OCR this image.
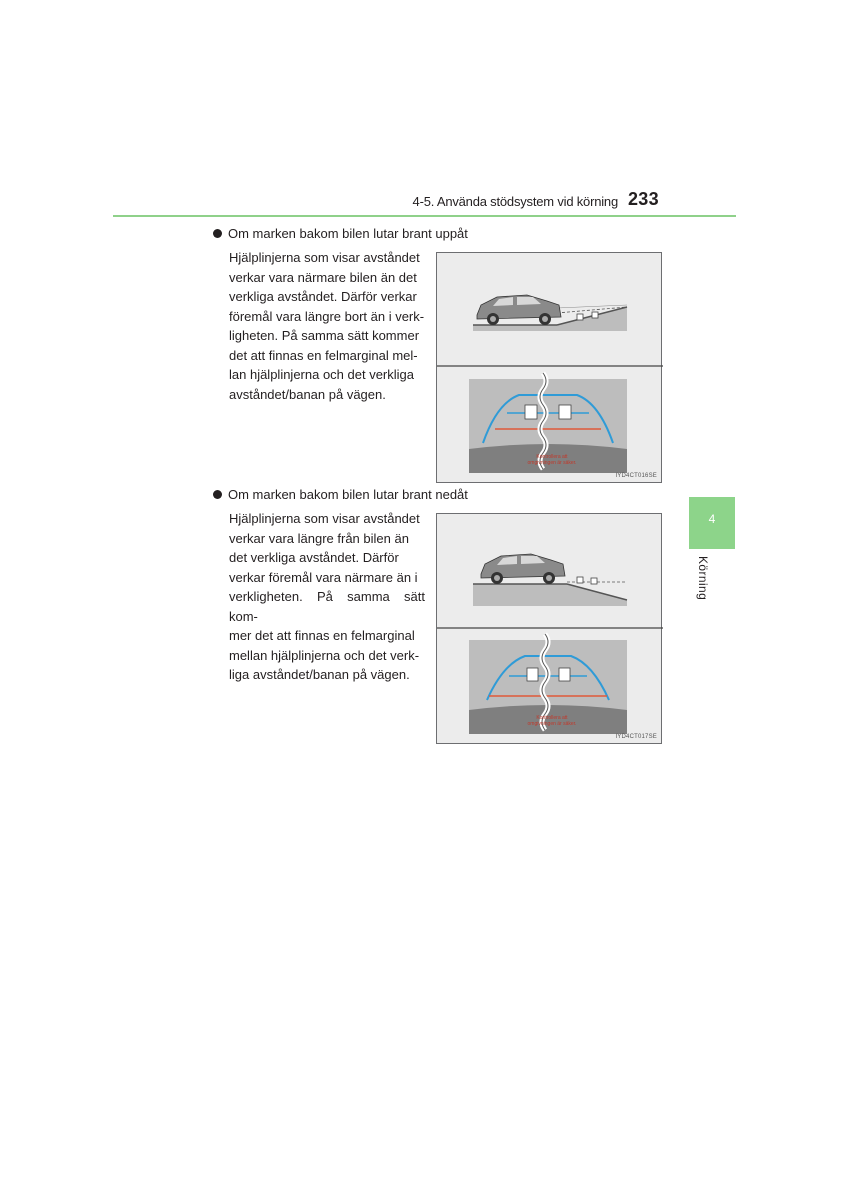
4-5. Använda stödsystem vid körning 233
4
Körning
Om marken bakom bilen lutar brant uppåt

Hjälplinjerna som visar avståndet

verkar vara närmare bilen än det

verkliga avståndet. Därför verkar

föremål vara längre bort än i verk-

ligheten. På samma sätt kommer

det att finnas en felmarginal mel-

lan hjälplinjerna och det verkliga

avståndet/banan på vägen.

Kontrollera att
omgivningen är säker.
IYD4CT016SE
Om marken bakom bilen lutar brant nedåt

Hjälplinjerna som visar avståndet

verkar vara längre från bilen än

det verkliga avståndet. Därför

verkar föremål vara närmare än i

verkligheten. På samma sätt kom-

mer det att finnas en felmarginal

mellan hjälplinjerna och det verk-

liga avståndet/banan på vägen.

Kontrollera att
omgivningen är säker.
IYD4CT017SE
